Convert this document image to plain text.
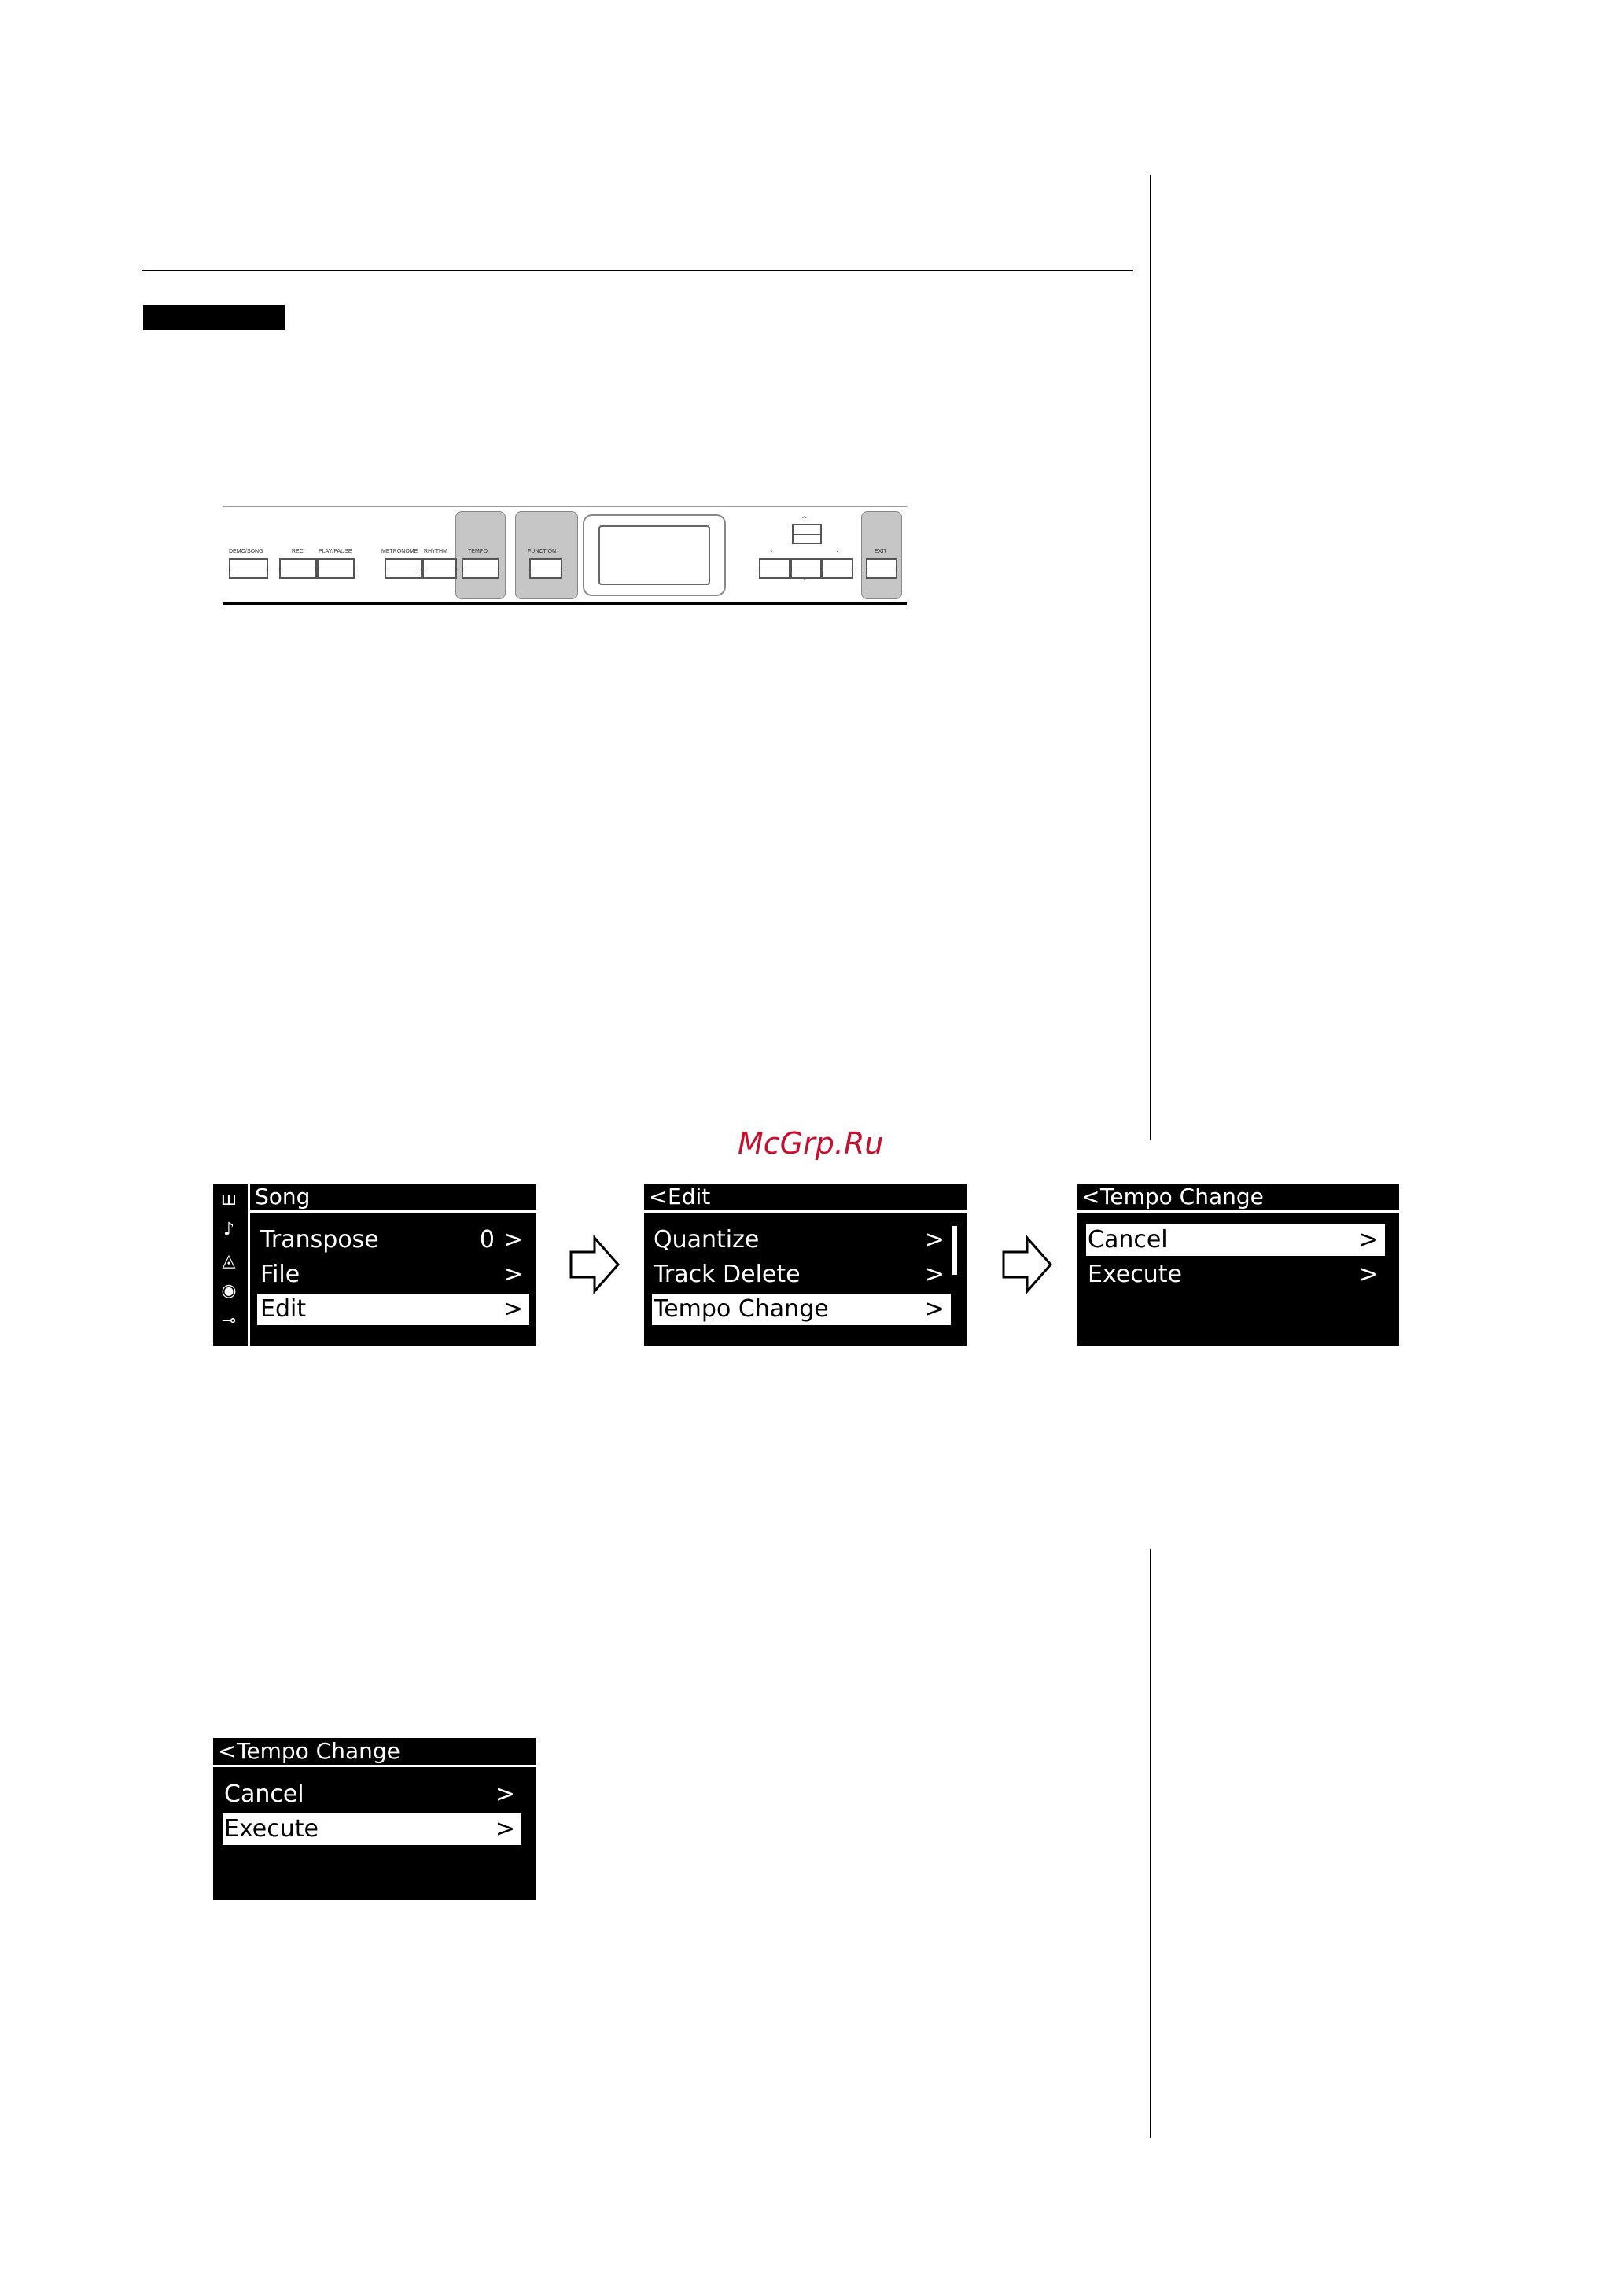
DEMO/SONG	REC	PLAY/PAUSE	METRONOME RHYTHM	TEMPO	FUNCTION
^
‹	›
ˇ
EXIT
McGrp.Ru
ш
♪
◬
◉
⊸
Song
Transpose	0 >
File	>
Edit	>
< Edit
Quantize	>
Track Delete	>
Tempo Change	>
< Tempo Change
Cancel	>
Execute	>
< Tempo Change
Cancel	>
Execute	>
